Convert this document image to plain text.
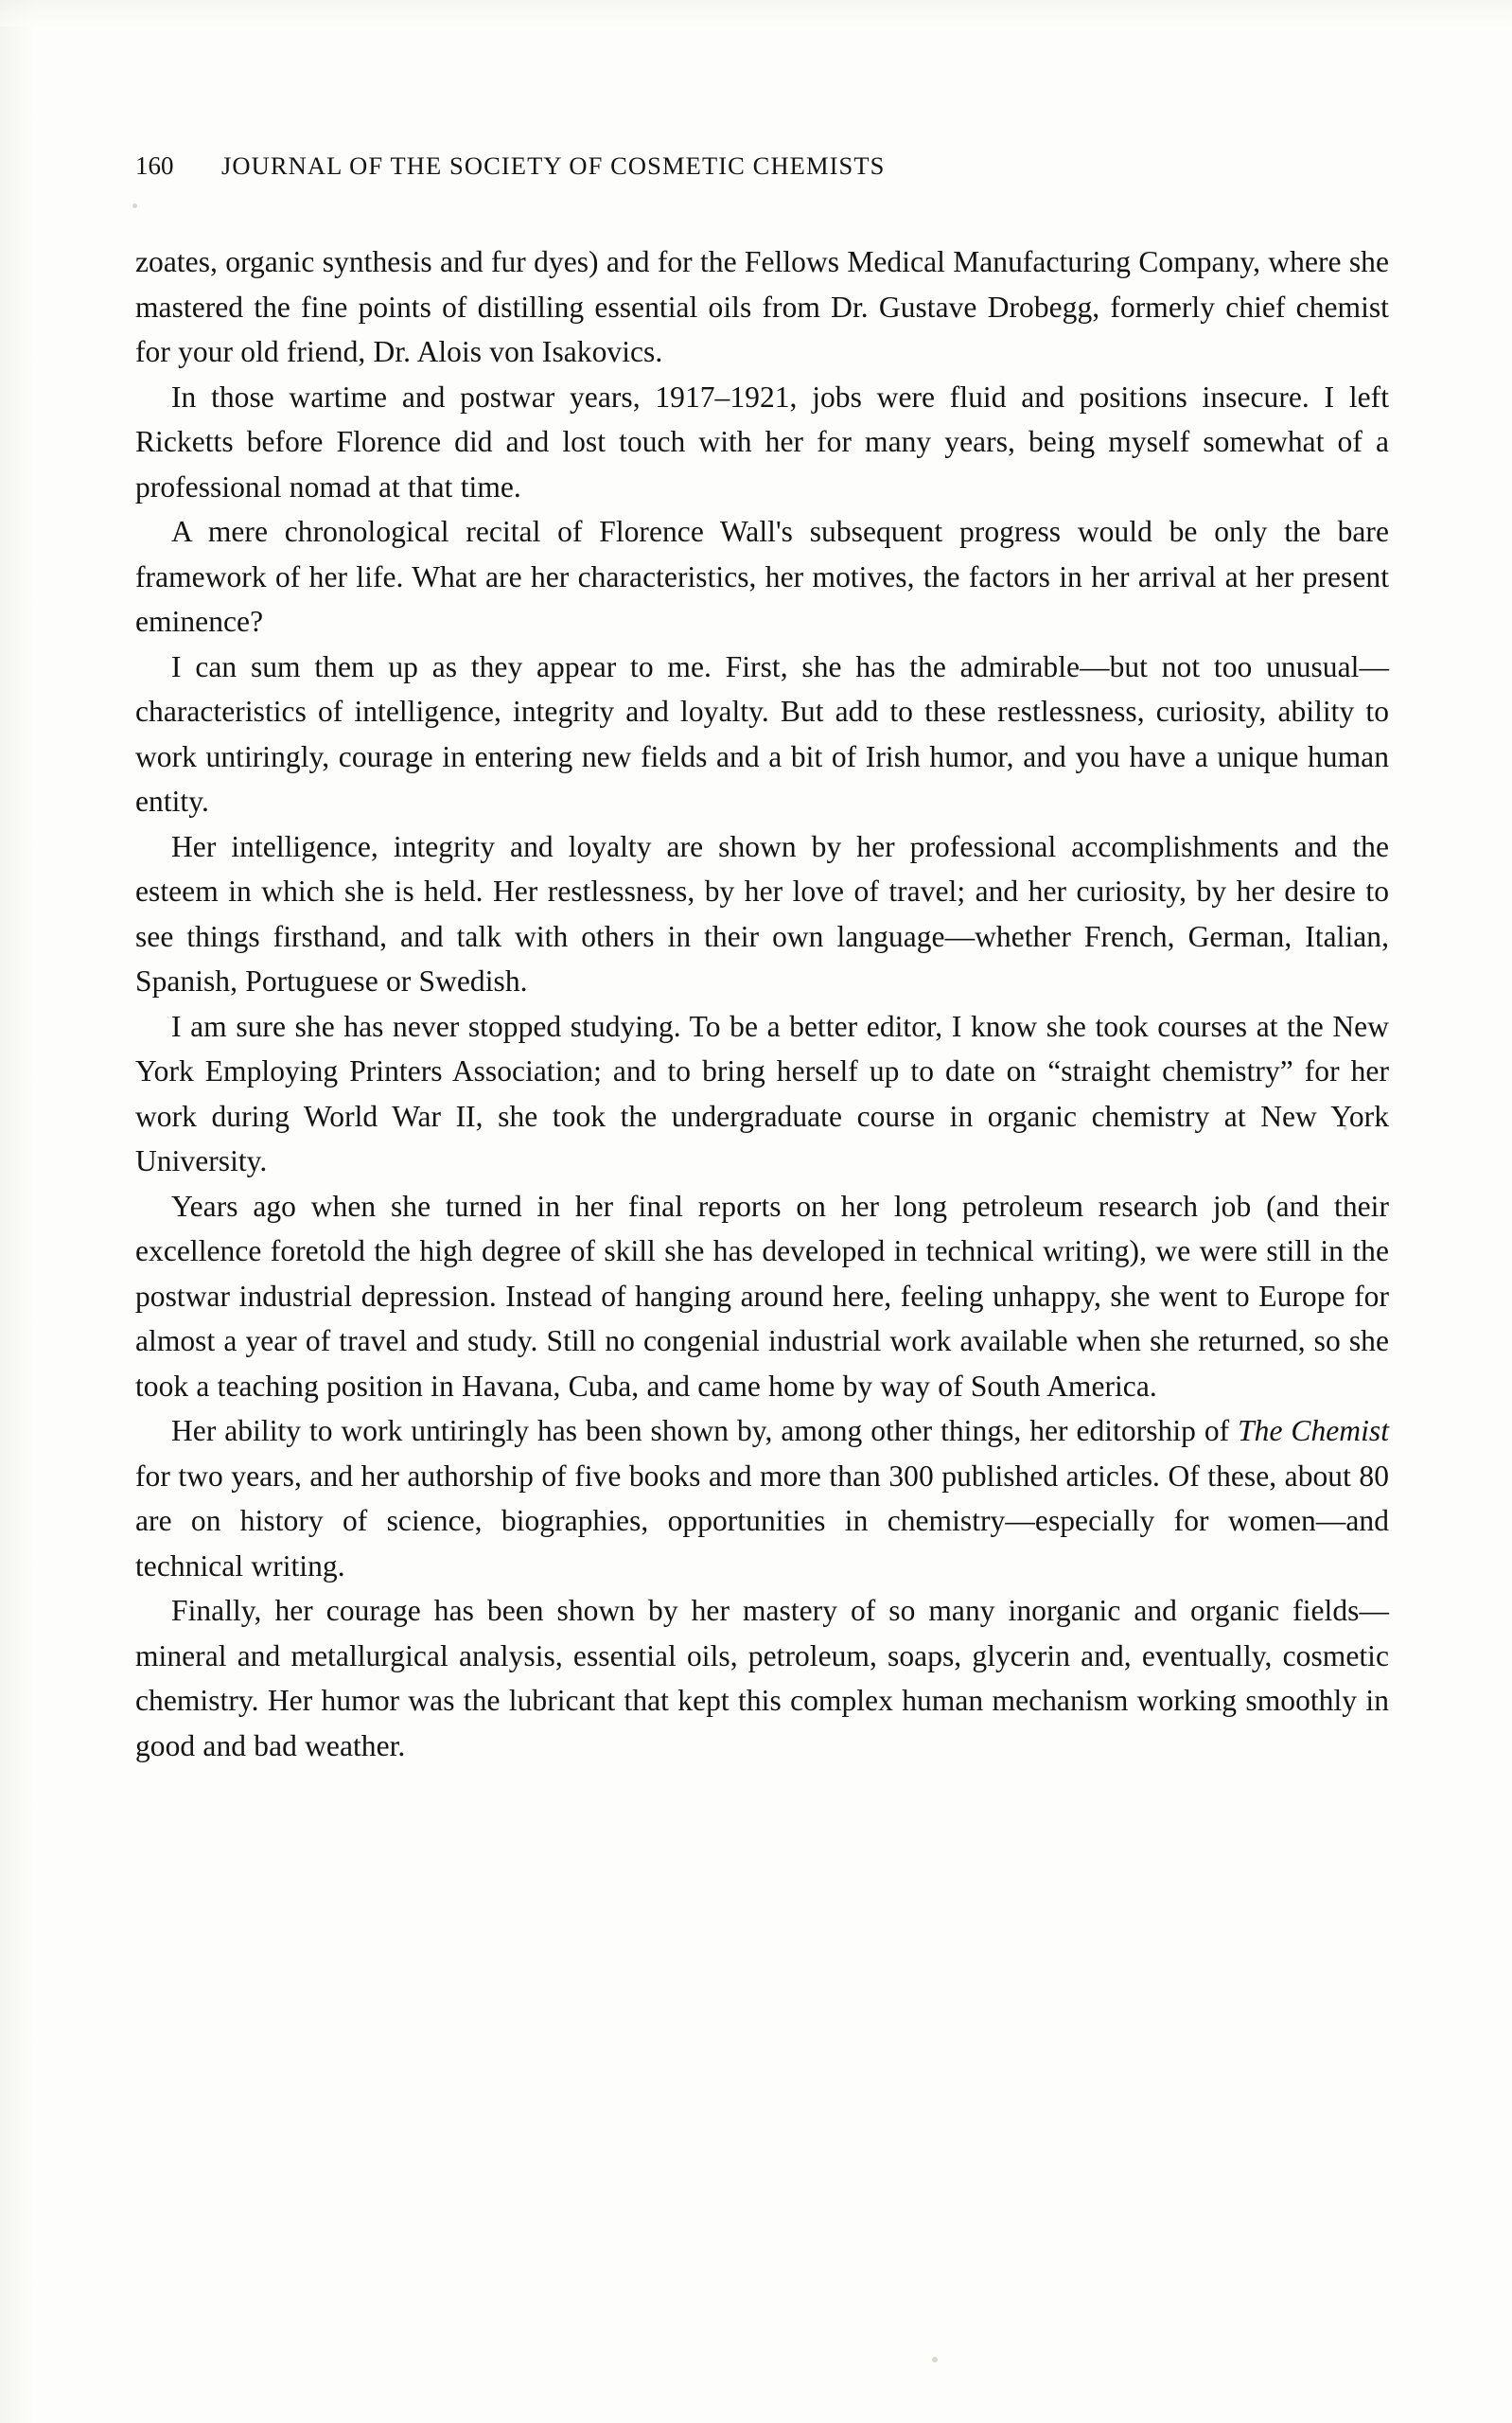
160	JOURNAL OF THE SOCIETY OF COSMETIC CHEMISTS

zoates, organic synthesis and fur dyes) and for the Fellows Medical Manufacturing Company, where she mastered the fine points of distilling essential oils from Dr. Gustave Drobegg, formerly chief chemist for your old friend, Dr. Alois von Isakovics.

In those wartime and postwar years, 1917–1921, jobs were fluid and positions insecure. I left Ricketts before Florence did and lost touch with her for many years, being myself somewhat of a professional nomad at that time.

A mere chronological recital of Florence Wall's subsequent progress would be only the bare framework of her life. What are her characteristics, her motives, the factors in her arrival at her present eminence?

I can sum them up as they appear to me. First, she has the admirable—but not too unusual—characteristics of intelligence, integrity and loyalty. But add to these restlessness, curiosity, ability to work untiringly, courage in entering new fields and a bit of Irish humor, and you have a unique human entity.

Her intelligence, integrity and loyalty are shown by her professional accomplishments and the esteem in which she is held. Her restlessness, by her love of travel; and her curiosity, by her desire to see things firsthand, and talk with others in their own language—whether French, German, Italian, Spanish, Portuguese or Swedish.

I am sure she has never stopped studying. To be a better editor, I know she took courses at the New York Employing Printers Association; and to bring herself up to date on “straight chemistry” for her work during World War II, she took the undergraduate course in organic chemistry at New York University.

Years ago when she turned in her final reports on her long petroleum research job (and their excellence foretold the high degree of skill she has developed in technical writing), we were still in the postwar industrial depression. Instead of hanging around here, feeling unhappy, she went to Europe for almost a year of travel and study. Still no congenial industrial work available when she returned, so she took a teaching position in Havana, Cuba, and came home by way of South America.

Her ability to work untiringly has been shown by, among other things, her editorship of The Chemist for two years, and her authorship of five books and more than 300 published articles. Of these, about 80 are on history of science, biographies, opportunities in chemistry—especially for women—and technical writing.

Finally, her courage has been shown by her mastery of so many inorganic and organic fields—mineral and metallurgical analysis, essential oils, petroleum, soaps, glycerin and, eventually, cosmetic chemistry. Her humor was the lubricant that kept this complex human mechanism working smoothly in good and bad weather.
